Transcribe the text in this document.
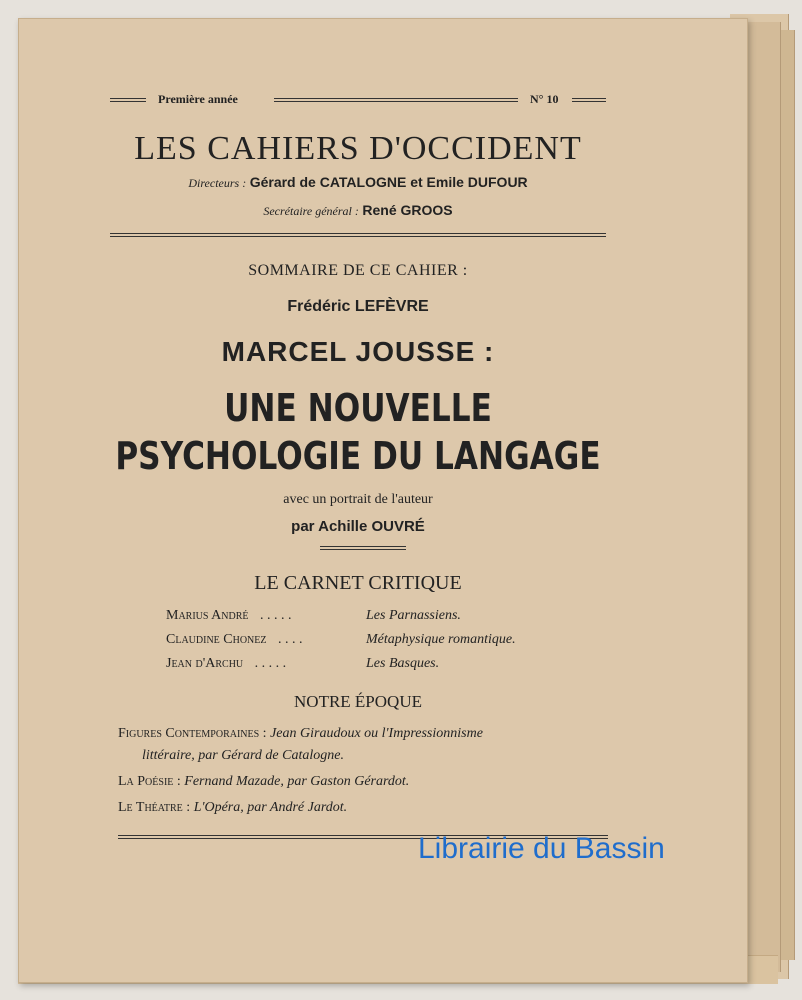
Première année	N° 10
LES CAHIERS D'OCCIDENT
Directeurs : Gérard de CATALOGNE et Emile DUFOUR
Secrétaire général : René GROOS
SOMMAIRE DE CE CAHIER :
Frédéric LEFÈVRE
MARCEL JOUSSE :
UNE NOUVELLE
PSYCHOLOGIE DU LANGAGE
avec un portrait de l'auteur
par Achille OUVRÉ
LE CARNET CRITIQUE
Marius André . . . . .	Les Parnassiens.
Claudine Chonez . . . .	Métaphysique romantique.
Jean d'Archu . . . . .	Les Basques.
NOTRE ÉPOQUE
Figures Contemporaines : Jean Giraudoux ou l'Impressionnisme
littéraire, par Gérard de Catalogne.
La Poésie : Fernand Mazade, par Gaston Gérardot.
Le Théatre : L'Opéra, par André Jardot.
Librairie du Bassin
